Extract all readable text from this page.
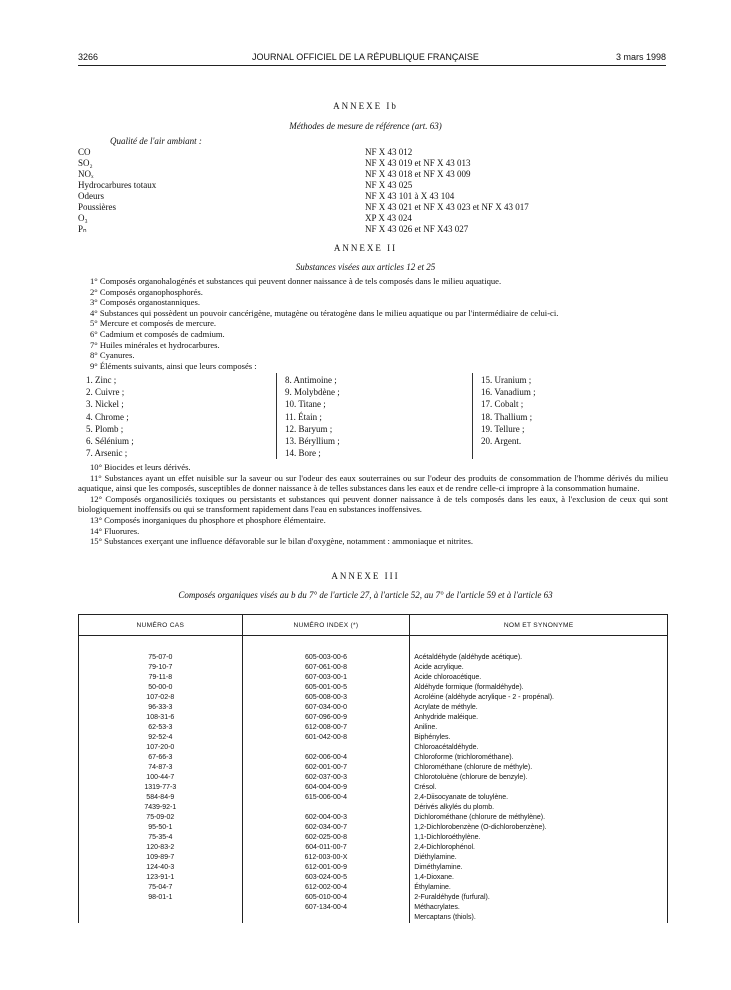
3266	JOURNAL OFFICIEL DE LA RÉPUBLIQUE FRANÇAISE	3 mars 1998
ANNEXE Ib
Méthodes de mesure de référence (art. 63)
Qualité de l'air ambiant :
CO	NF X 43 012
SO₂	NF X 43 019 et NF X 43 013
NOₓ	NF X 43 018 et NF X 43 009
Hydrocarbures totaux	NF X 43 025
Odeurs	NF X 43 101 à X 43 104
Poussières	NF X 43 021 et NF X 43 023 et NF X 43 017
O₃	XP X 43 024
Pₙ	NF X 43 026 et NF X43 027
ANNEXE II
Substances visées aux articles 12 et 25

1° Composés organohalogénés et substances qui peuvent donner naissance à de tels composés dans le milieu aquatique.

2° Composés organophosphorés.

3° Composés organostanniques.

4° Substances qui possèdent un pouvoir cancérigène, mutagène ou tératogène dans le milieu aquatique ou par l'intermédiaire de celui-ci.

5° Mercure et composés de mercure.

6° Cadmium et composés de cadmium.

7° Huiles minérales et hydrocarbures.

8° Cyanures.

9° Éléments suivants, ainsi que leurs composés :

1. Zinc ;
2. Cuivre ;
3. Nickel ;
4. Chrome ;
5. Plomb ;
6. Sélénium ;
7. Arsenic ;
8. Antimoine ;
9. Molybdène ;
10. Titane ;
11. Étain ;
12. Baryum ;
13. Béryllium ;
14. Bore ;
15. Uranium ;
16. Vanadium ;
17. Cobalt ;
18. Thallium ;
19. Tellure ;
20. Argent.

10° Biocides et leurs dérivés.

11° Substances ayant un effet nuisible sur la saveur ou sur l'odeur des eaux souterraines ou sur l'odeur des produits de consommation de l'homme dérivés du milieu aquatique, ainsi que les composés, susceptibles de donner naissance à de telles substances dans les eaux et de rendre celle-ci impropre à la consommation humaine.

12° Composés organosiliciés toxiques ou persistants et substances qui peuvent donner naissance à de tels composés dans les eaux, à l'exclusion de ceux qui sont biologiquement inoffensifs ou qui se transforment rapidement dans l'eau en substances inoffensives.

13° Composés inorganiques du phosphore et phosphore élémentaire.

14° Fluorures.

15° Substances exerçant une influence défavorable sur le bilan d'oxygène, notamment : ammoniaque et nitrites.

ANNEXE III
Composés organiques visés au b du 7° de l'article 27, à l'article 52, au 7° de l'article 59 et à l'article 63
NUMÉRO CAS	NUMÉRO INDEX (*)	NOM ET SYNONYME

75-07-0	605-003-00-6	Acétaldéhyde (aldéhyde acétique).
79-10-7	607-061-00-8	Acide acrylique.
79-11-8	607-003-00-1	Acide chloroacétique.
50-00-0	605-001-00-5	Aldéhyde formique (formaldéhyde).
107-02-8	605-008-00-3	Acroléine (aldéhyde acrylique - 2 - propénal).
96-33-3	607-034-00-0	Acrylate de méthyle.
108-31-6	607-096-00-9	Anhydride maléique.
62-53-3	612-008-00-7	Aniline.
92-52-4	601-042-00-8	Biphényles.
107-20-0		Chloroacétaldéhyde.
67-66-3	602-006-00-4	Chloroforme (trichlorométhane).
74-87-3	602-001-00-7	Chlorométhane (chlorure de méthyle).
100-44-7	602-037-00-3	Chlorotoluène (chlorure de benzyle).
1319-77-3	604-004-00-9	Crésol.
584-84-9	615-006-00-4	2,4-Diisocyanate de toluylène.
7439-92-1		Dérivés alkylés du plomb.
75-09-02	602-004-00-3	Dichlorométhane (chlorure de méthylène).
95-50-1	602-034-00-7	1,2-Dichlorobenzène (O-dichlorobenzène).
75-35-4	602-025-00-8	1,1-Dichloroéthylène.
120-83-2	604-011-00-7	2,4-Dichlorophénol.
109-89-7	612-003-00-X	Diéthylamine.
124-40-3	612-001-00-9	Diméthylamine.
123-91-1	603-024-00-5	1,4-Dioxane.
75-04-7	612-002-00-4	Éthylamine.
98-01-1	605-010-00-4	2-Furaldéhyde (furfural).
	607-134-00-4	Méthacrylates.
		Mercaptans (thiols).
